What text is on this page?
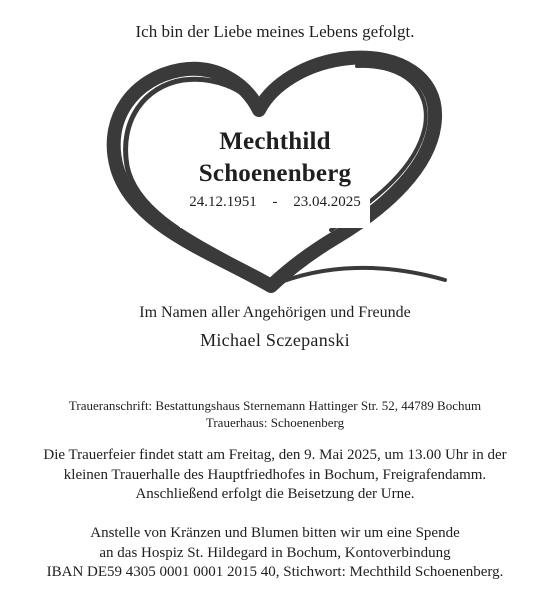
Ich bin der Liebe meines Lebens gefolgt.
Mechthild
Schoenenberg
24.12.1951 - 23.04.2025
Im Namen aller Angehörigen und Freunde
Michael Sczepanski
Traueranschrift: Bestattungshaus Sternemann Hattinger Str. 52, 44789 Bochum
Trauerhaus: Schoenenberg
Die Trauerfeier findet statt am Freitag, den 9. Mai 2025, um 13.00 Uhr in der
kleinen Trauerhalle des Hauptfriedhofes in Bochum, Freigrafendamm.
Anschließend erfolgt die Beisetzung der Urne.
Anstelle von Kränzen und Blumen bitten wir um eine Spende
an das Hospiz St. Hildegard in Bochum, Kontoverbindung
IBAN DE59 4305 0001 0001 2015 40, Stichwort: Mechthild Schoenenberg.
